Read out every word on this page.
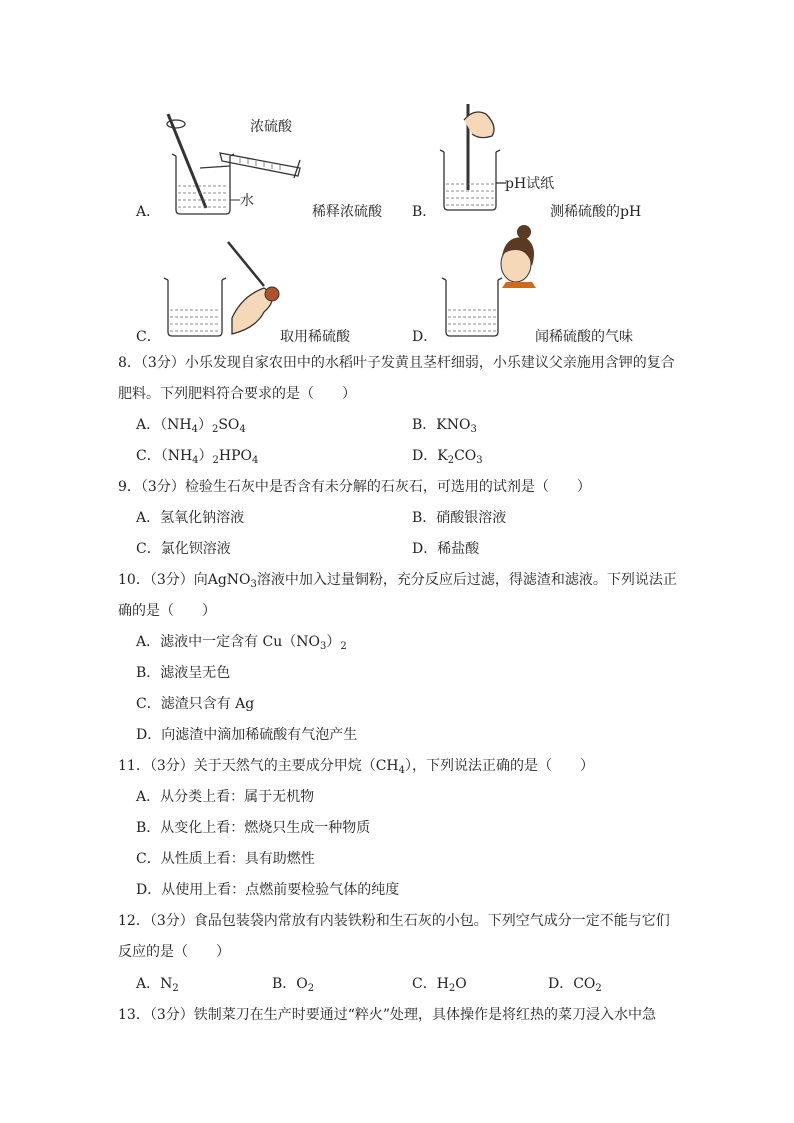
浓硫酸
水
A．	稀释浓硫酸
pH试纸
B．	测稀硫酸的pH
C．	取用稀硫酸	D．	闻稀硫酸的气味
8．（3分）小乐发现自家农田中的水稻叶子发黄且茎杆细弱，小乐建议父亲施用含钾的复合
肥料。下列肥料符合要求的是（　　）
A．$(NH_4)_2SO_4$	B．$KNO_3$
C．$(NH_4)_2HPO_4$	D．$K_2CO_3$
9．（3分）检验生石灰中是否含有未分解的石灰石，可选用的试剂是（　　）
A．氢氧化钠溶液	B．硝酸银溶液
C．氯化钡溶液	D．稀盐酸
10．（3分）向AgNO$_3$溶液中加入过量铜粉，充分反应后过滤，得滤渣和滤液。下列说法正
确的是（　　）
A．滤液中一定含有 $Cu(NO_3)_2$
B．滤液呈无色
C．滤渣只含有 Ag
D．向滤渣中滴加稀硫酸有气泡产生
11．（3分）关于天然气的主要成分甲烷$(CH_4)$，下列说法正确的是（　　）
A．从分类上看：属于无机物
B．从变化上看：燃烧只生成一种物质
C．从性质上看：具有助燃性
D．从使用上看：点燃前要检验气体的纯度
12．（3分）食品包装袋内常放有内装铁粉和生石灰的小包。下列空气成分一定不能与它们
反应的是（　　）
A．$N_2$	B．$O_2$	C．$H_2O$	D．$CO_2$
13．（3分）铁制菜刀在生产时要通过“粹火”处理，具体操作是将红热的菜刀浸入水中急
